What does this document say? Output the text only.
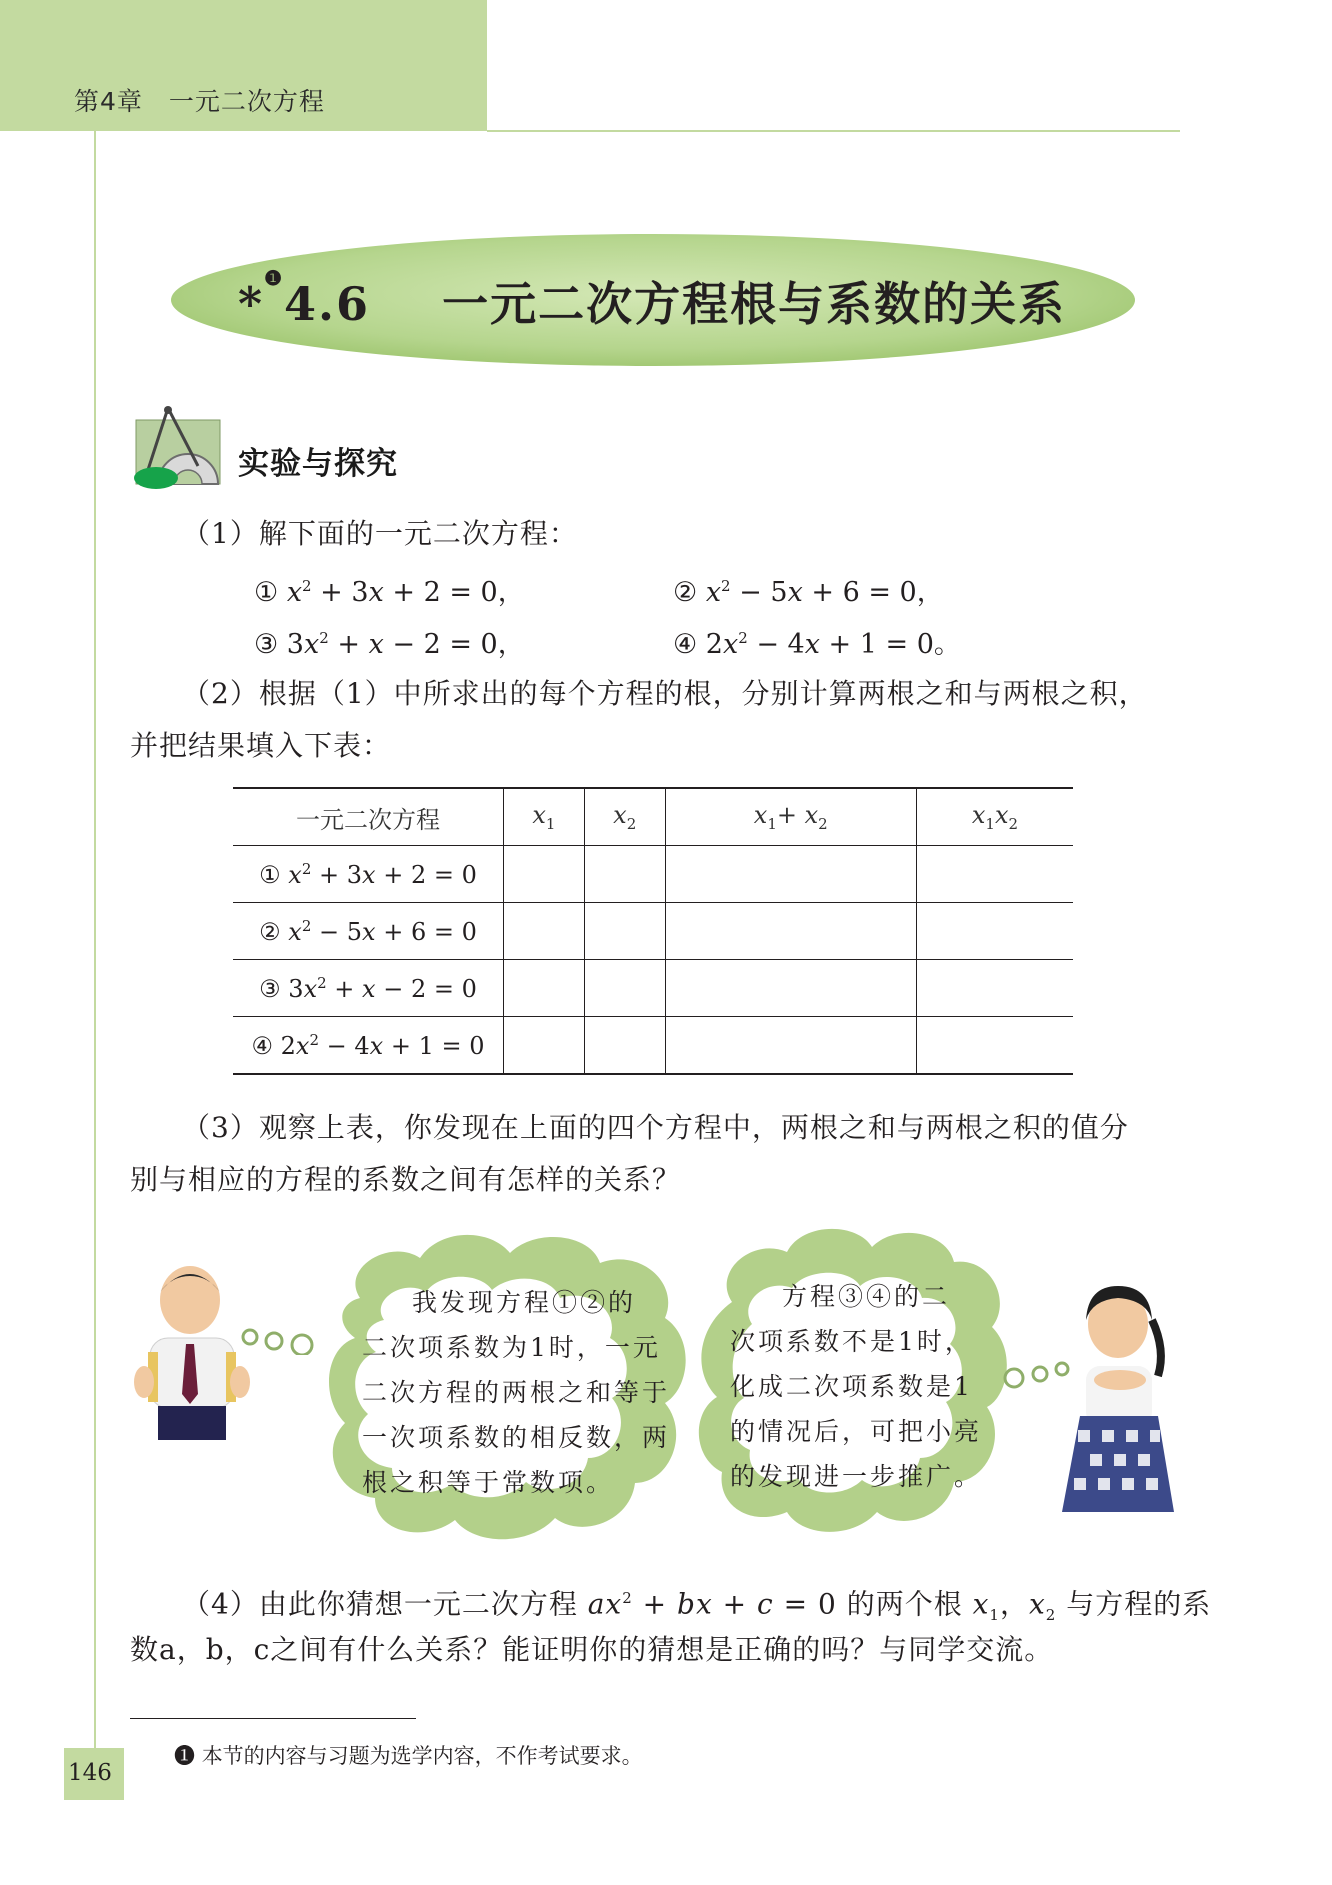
第4章　一元二次方程
*$^❶$4.6 一元二次方程根与系数的关系
实验与探究
（1）解下面的一元二次方程：
① $x^2 + 3x + 2 = 0$，	② $x^2 - 5x + 6 = 0$，
③ $3x^2 + x - 2 = 0$，	④ $2x^2 - 4x + 1 = 0$。
（2）根据（1）中所求出的每个方程的根，分别计算两根之和与两根之积，
并把结果填入下表：
一元二次方程	$x_1$	$x_2$	$x_1+ x_2$	$x_1x_2$
① $x^2 + 3x + 2 = 0$				
② $x^2 - 5x + 6 = 0$				
③ $3x^2 + x - 2 = 0$				
④ $2x^2 - 4x + 1 = 0$				
（3）观察上表，你发现在上面的四个方程中，两根之和与两根之积的值分
别与相应的方程的系数之间有怎样的关系？
我发现方程①②的
二次项系数为1时，一元
二次方程的两根之和等于
一次项系数的相反数，两
根之积等于常数项。
方程③④的二
次项系数不是1时，
化成二次项系数是1
的情况后，可把小亮
的发现进一步推广。
（4）由此你猜想一元二次方程 $ax^2$ + bx + c = 0 的两个根 $x_1$，$x_2$ 与方程的系
数a，b，c之间有什么关系？能证明你的猜想是正确的吗？与同学交流。
❶ 本节的内容与习题为选学内容，不作考试要求。
146
